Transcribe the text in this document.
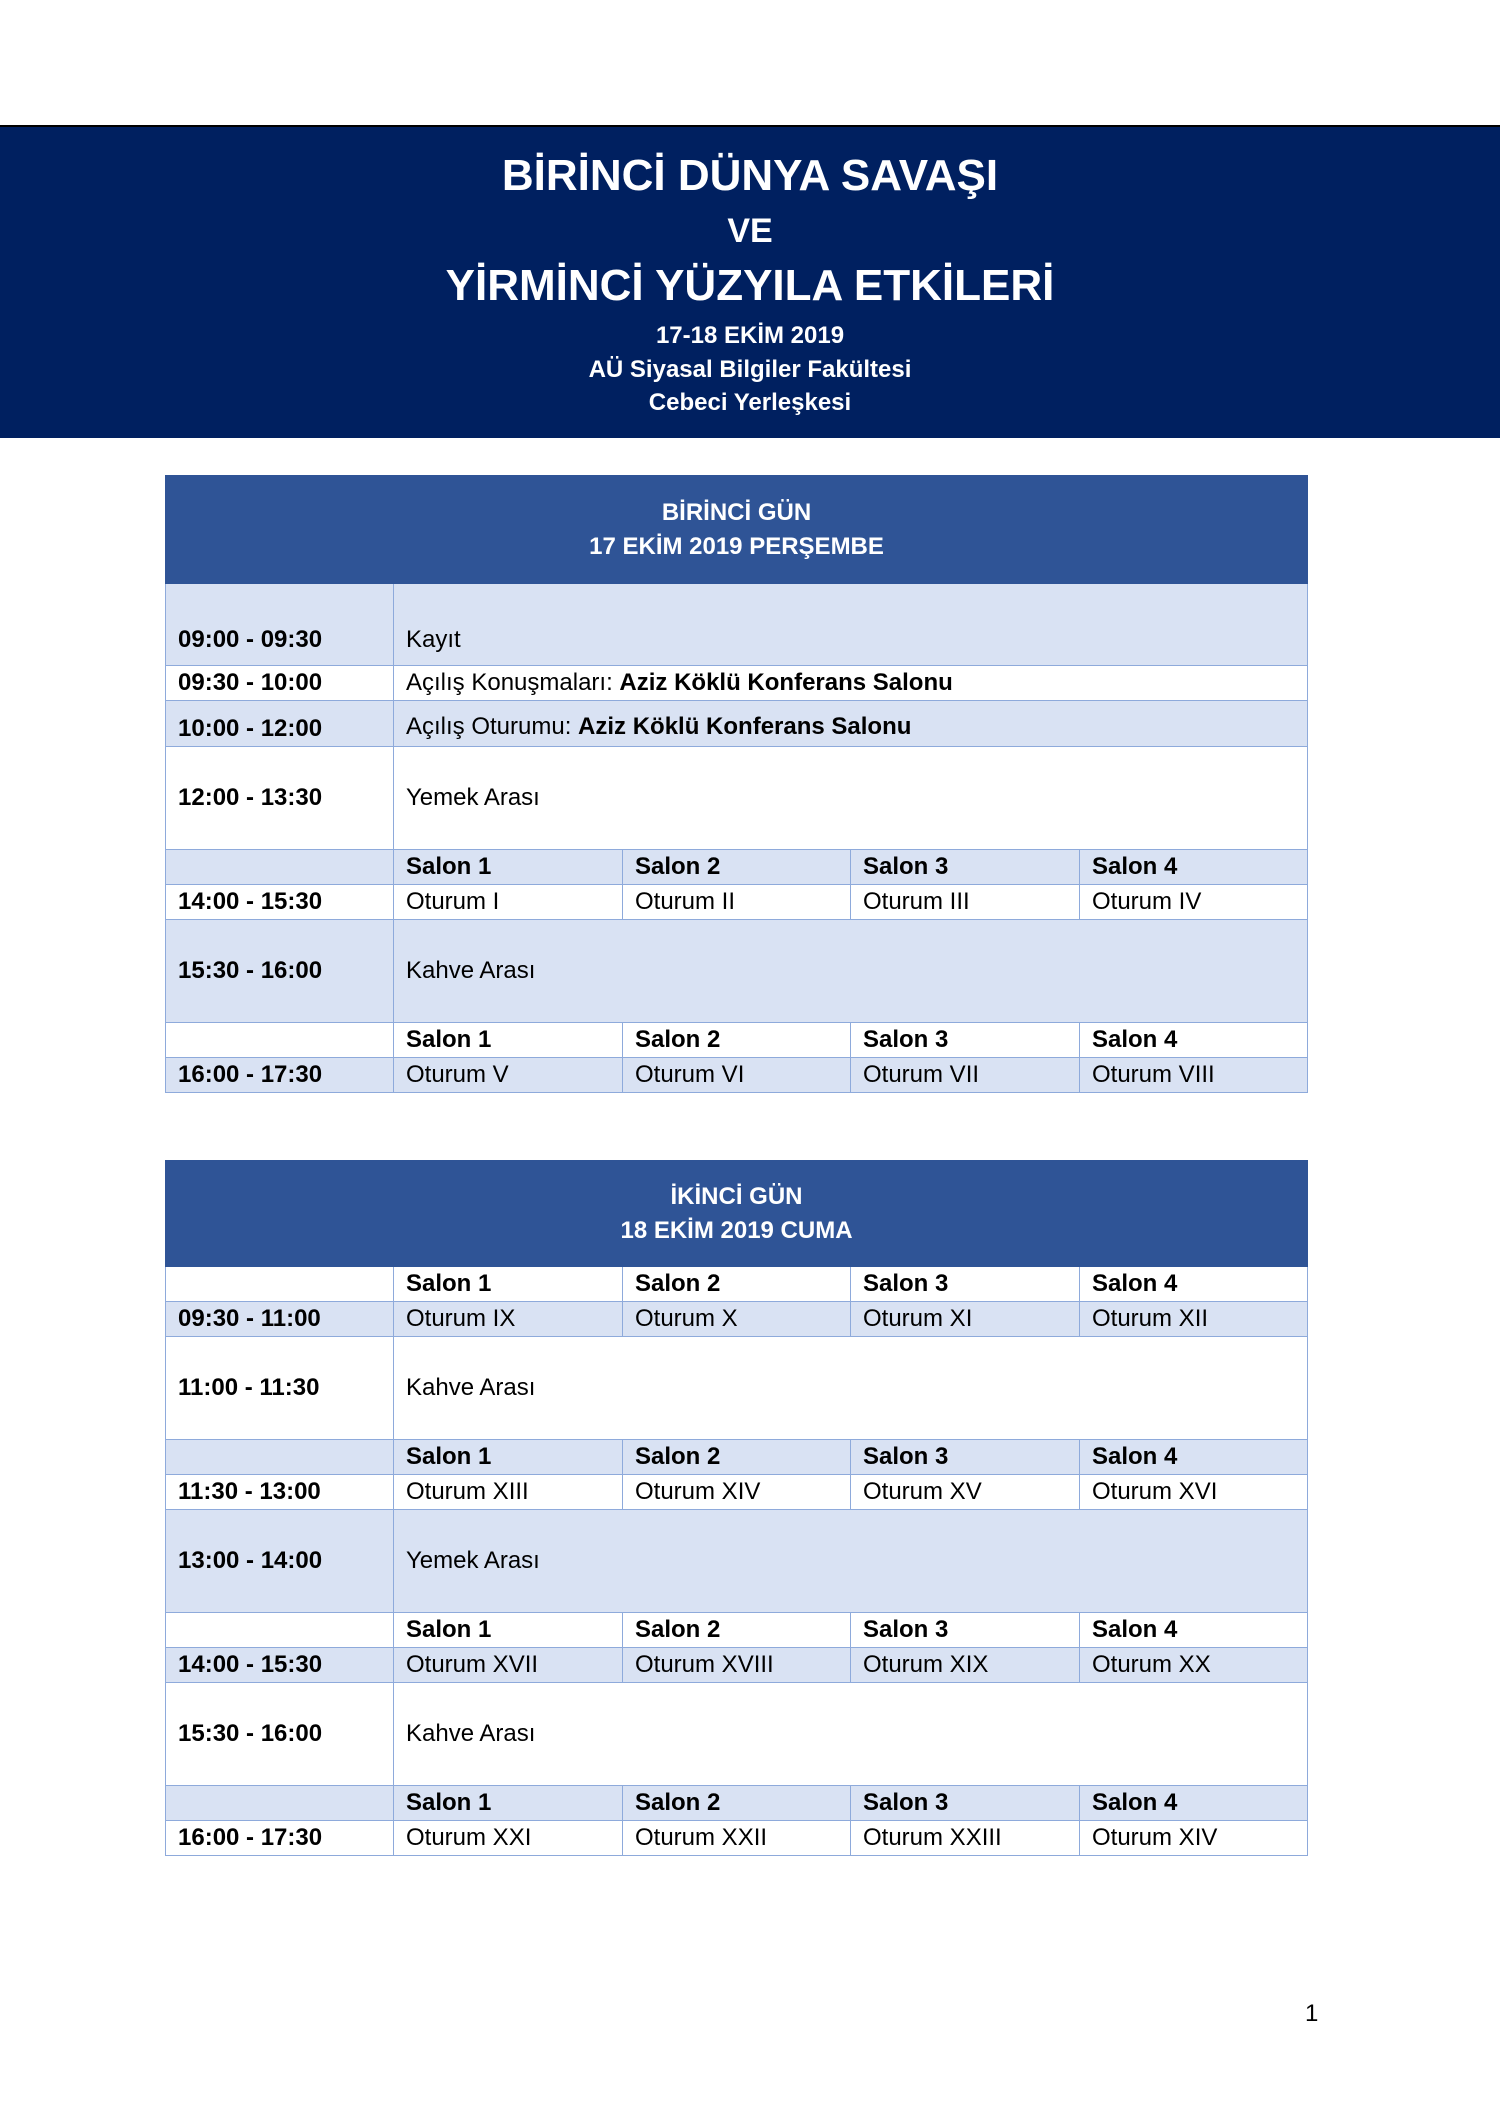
BİRİNCİ DÜNYA SAVAŞI
VE
YİRMİNCİ YÜZYILA ETKİLERİ
17-18 EKİM 2019
AÜ Siyasal Bilgiler Fakültesi
Cebeci Yerleşkesi
BİRİNCİ GÜN
17 EKİM 2019 PERŞEMBE				

09:00 - 09:30	Kayıt			
09:30 - 10:00	Açılış Konuşmaları: Aziz Köklü Konferans Salonu			
10:00 - 12:00	Açılış Oturumu: Aziz Köklü Konferans Salonu			
12:00 - 13:30	Yemek Arası			
	Salon 1	Salon 2	Salon 3	Salon 4
14:00 - 15:30	Oturum I	Oturum II	Oturum III	Oturum IV
15:30 - 16:00	Kahve Arası			
	Salon 1	Salon 2	Salon 3	Salon 4
16:00 - 17:30	Oturum V	Oturum VI	Oturum VII	Oturum VIII
İKİNCİ GÜN
18 EKİM 2019 CUMA				

	Salon 1	Salon 2	Salon 3	Salon 4
09:30 - 11:00	Oturum IX	Oturum X	Oturum XI	Oturum XII
11:00 - 11:30	Kahve Arası			
	Salon 1	Salon 2	Salon 3	Salon 4
11:30 - 13:00	Oturum XIII	Oturum XIV	Oturum XV	Oturum XVI
13:00 - 14:00	Yemek Arası			
	Salon 1	Salon 2	Salon 3	Salon 4
14:00 - 15:30	Oturum XVII	Oturum XVIII	Oturum XIX	Oturum XX
15:30 - 16:00	Kahve Arası			
	Salon 1	Salon 2	Salon 3	Salon 4
16:00 - 17:30	Oturum XXI	Oturum XXII	Oturum XXIII	Oturum XIV
1
